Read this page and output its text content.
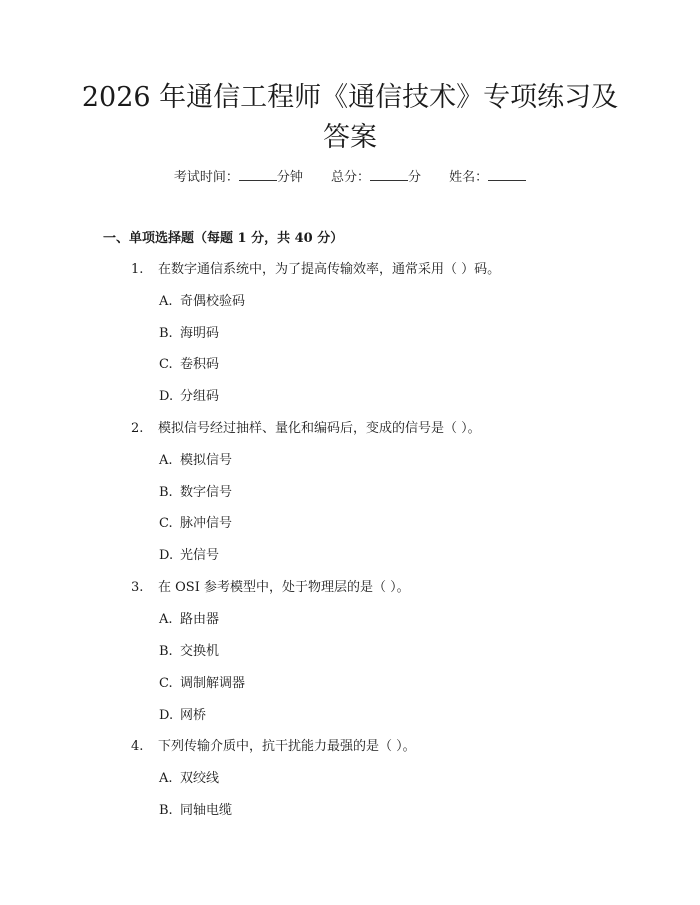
2026 年通信工程师《通信技术》专项练习及
答案
考试时间：	分钟 总分：	分 姓名：
一、单项选择题（每题 1 分，共 40 分）
1. 在数字通信系统中，为了提高传输效率，通常采用（ ）码。
A. 奇偶校验码
B. 海明码
C. 卷积码
D. 分组码
2. 模拟信号经过抽样、量化和编码后，变成的信号是（ ）。
A. 模拟信号
B. 数字信号
C. 脉冲信号
D. 光信号
3. 在 OSI 参考模型中，处于物理层的是（ ）。
A. 路由器
B. 交换机
C. 调制解调器
D. 网桥
4. 下列传输介质中，抗干扰能力最强的是（ ）。
A. 双绞线
B. 同轴电缆
